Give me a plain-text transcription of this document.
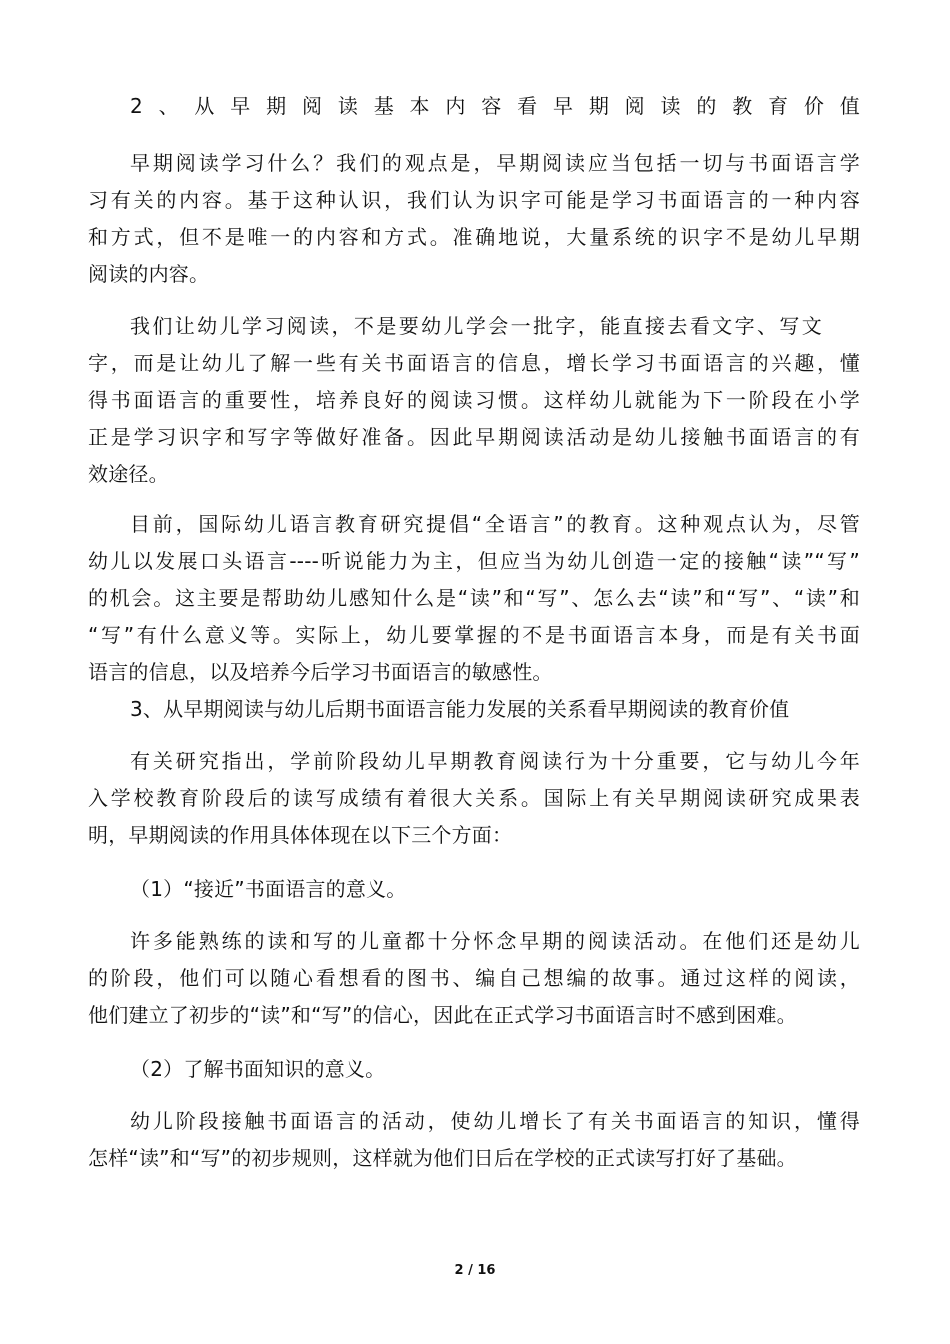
2、从早期阅读基本内容看早期阅读的教育价值
早期阅读学习什么？我们的观点是，早期阅读应当包括一切与书面语言学
习有关的内容。基于这种认识，我们认为识字可能是学习书面语言的一种内容
和方式，但不是唯一的内容和方式。准确地说，大量系统的识字不是幼儿早期
阅读的内容。
我们让幼儿学习阅读，不是要幼儿学会一批字，能直接去看文字、写文
字，而是让幼儿了解一些有关书面语言的信息，增长学习书面语言的兴趣，懂
得书面语言的重要性，培养良好的阅读习惯。这样幼儿就能为下一阶段在小学
正是学习识字和写字等做好准备。因此早期阅读活动是幼儿接触书面语言的有
效途径。
目前，国际幼儿语言教育研究提倡“全语言”的教育。这种观点认为，尽管
幼儿以发展口头语言----听说能力为主，但应当为幼儿创造一定的接触“读”“写”
的机会。这主要是帮助幼儿感知什么是“读”和“写”、怎么去“读”和“写”、“读”和
“写”有什么意义等。实际上，幼儿要掌握的不是书面语言本身，而是有关书面
语言的信息，以及培养今后学习书面语言的敏感性。
3、从早期阅读与幼儿后期书面语言能力发展的关系看早期阅读的教育价值
有关研究指出，学前阶段幼儿早期教育阅读行为十分重要，它与幼儿今年
入学校教育阶段后的读写成绩有着很大关系。国际上有关早期阅读研究成果表
明，早期阅读的作用具体体现在以下三个方面：
（1）“接近”书面语言的意义。
许多能熟练的读和写的儿童都十分怀念早期的阅读活动。在他们还是幼儿
的阶段，他们可以随心看想看的图书、编自己想编的故事。通过这样的阅读，
他们建立了初步的“读”和“写”的信心，因此在正式学习书面语言时不感到困难。
（2）了解书面知识的意义。
幼儿阶段接触书面语言的活动，使幼儿增长了有关书面语言的知识，懂得
怎样“读”和“写”的初步规则，这样就为他们日后在学校的正式读写打好了基础。
2 / 16
